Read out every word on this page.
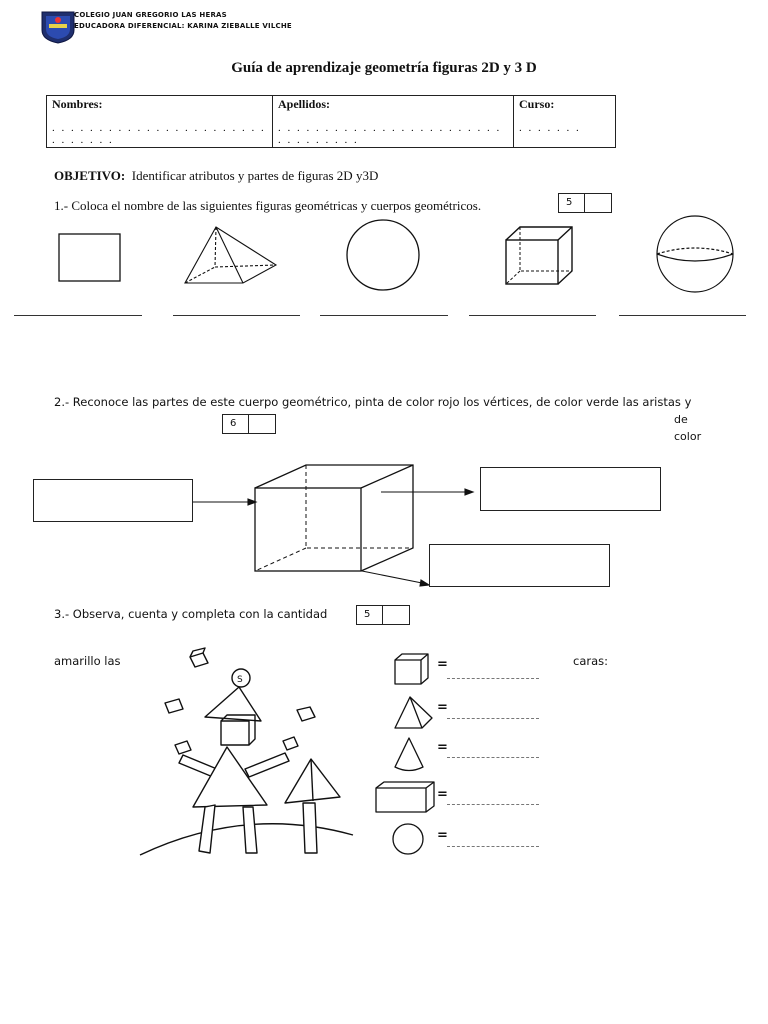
COLEGIO JUAN GREGORIO LAS HERAS
EDUCADORA DIFERENCIAL: KARINA ZIEBALLE VILCHE
Guía de aprendizaje geometría figuras 2D y 3 D
Nombres:
. . . . . . . . . . . . . . . . . . . . . . . . . . . . . .

Apellidos:
. . . . . . . . . . . . . . . . . . . . . . . . . . . . . . . . .

Curso:
. . . . . . .
OBJETIVO: Identificar atributos y partes de figuras 2D y3D
1.- Coloca el nombre de las siguientes figuras geométricas y cuerpos geométricos.	5
2.- Reconoce las partes de este cuerpo geométrico, pinta de color rojo los vértices, de color verde las aristas y
6	de
color
3.- Observa, cuenta y completa con la cantidad	5
amarillo las	caras:
S
=
=
=
=
=
